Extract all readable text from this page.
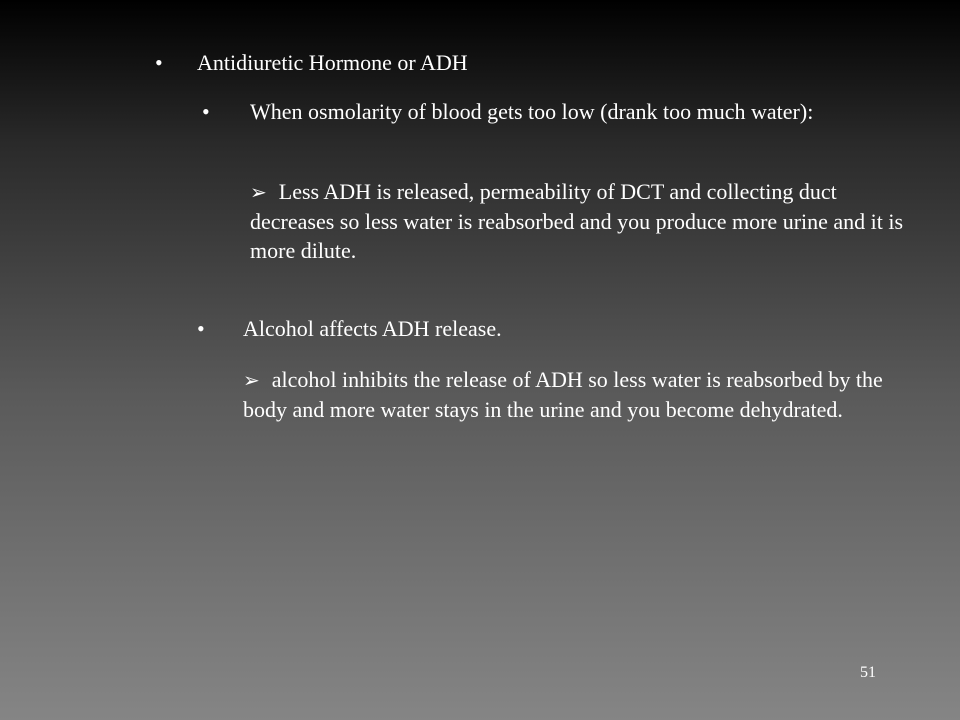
•	Antidiuretic Hormone or ADH
•	When osmolarity of blood gets too low (drank too much water):
➢ Less ADH is released, permeability of DCT and collecting duct decreases so less water is reabsorbed and you produce more urine and it is more dilute.
•	Alcohol affects ADH release.
➢ alcohol inhibits the release of ADH so less water is reabsorbed by the body and more water stays in the urine and you become dehydrated.
51
